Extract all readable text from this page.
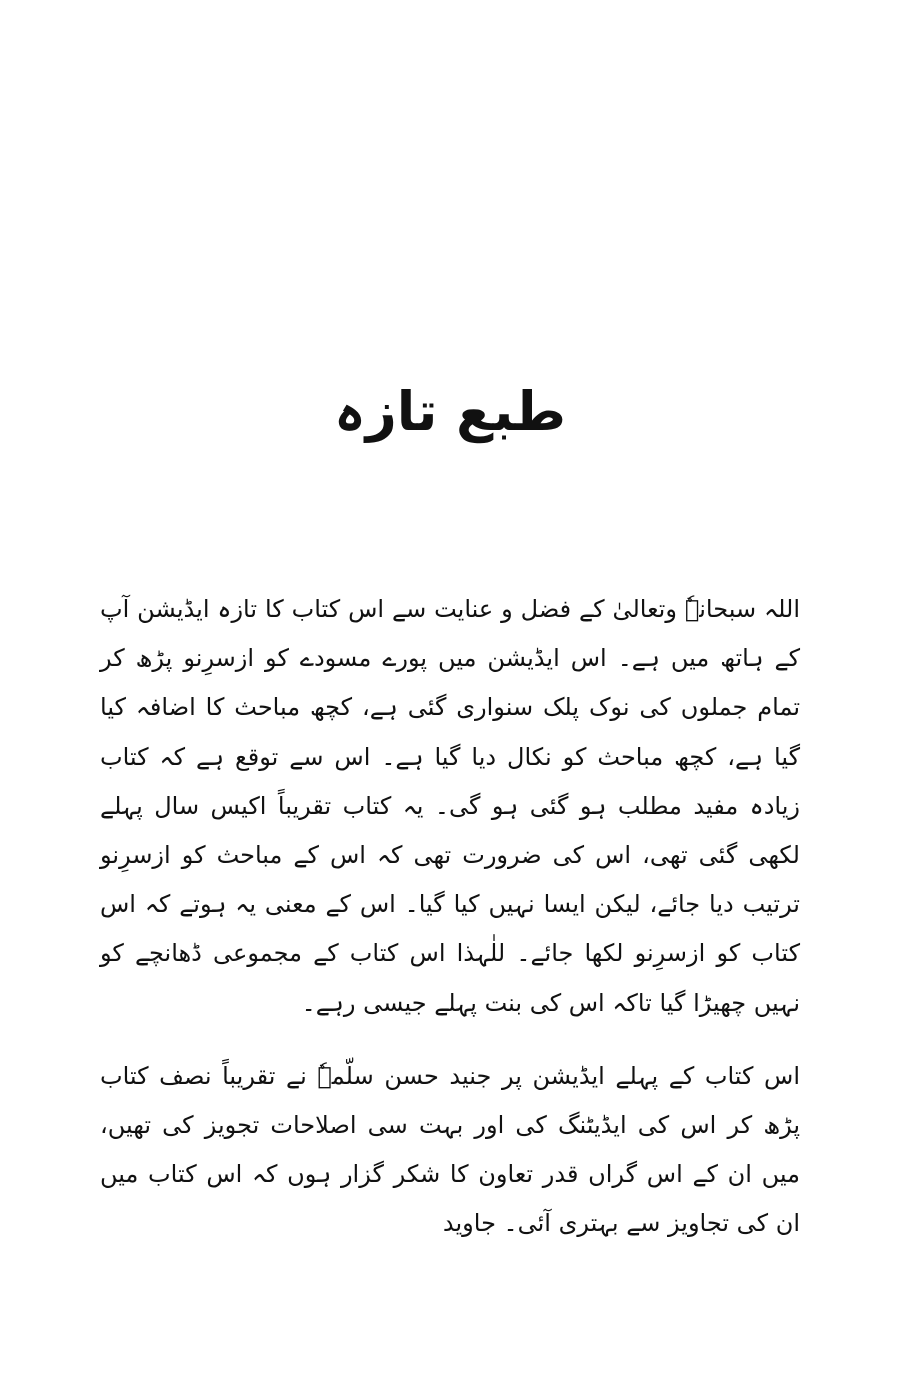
طبع تازہ

اللہ سبحانہٗ وتعالیٰ کے فضل و عنایت سے اس کتاب کا تازہ ایڈیشن آپ کے ہاتھ میں ہے۔ اس ایڈیشن میں پورے مسودے کو ازسرِنو پڑھ کر تمام جملوں کی نوک پلک سنواری گئی ہے، کچھ مباحث کا اضافہ کیا گیا ہے، کچھ مباحث کو نکال دیا گیا ہے۔ اس سے توقع ہے کہ کتاب زیادہ مفید مطلب ہو گئی ہو گی۔ یہ کتاب تقریباً اکیس سال پہلے لکھی گئی تھی، اس کی ضرورت تھی کہ اس کے مباحث کو ازسرِنو ترتیب دیا جائے، لیکن ایسا نہیں کیا گیا۔ اس کے معنی یہ ہوتے کہ اس کتاب کو ازسرِنو لکھا جائے۔ للٰہذا اس کتاب کے مجموعی ڈھانچے کو نہیں چھیڑا گیا تاکہ اس کی بنت پہلے جیسی رہے۔

اس کتاب کے پہلے ایڈیشن پر جنید حسن سلّمہٗ نے تقریباً نصف کتاب پڑھ کر اس کی ایڈیٹنگ کی اور بہت سی اصلاحات تجویز کی تھیں، میں ان کے اس گراں قدر تعاون کا شکر گزار ہوں کہ اس کتاب میں ان کی تجاویز سے بہتری آئی۔ جاوید
